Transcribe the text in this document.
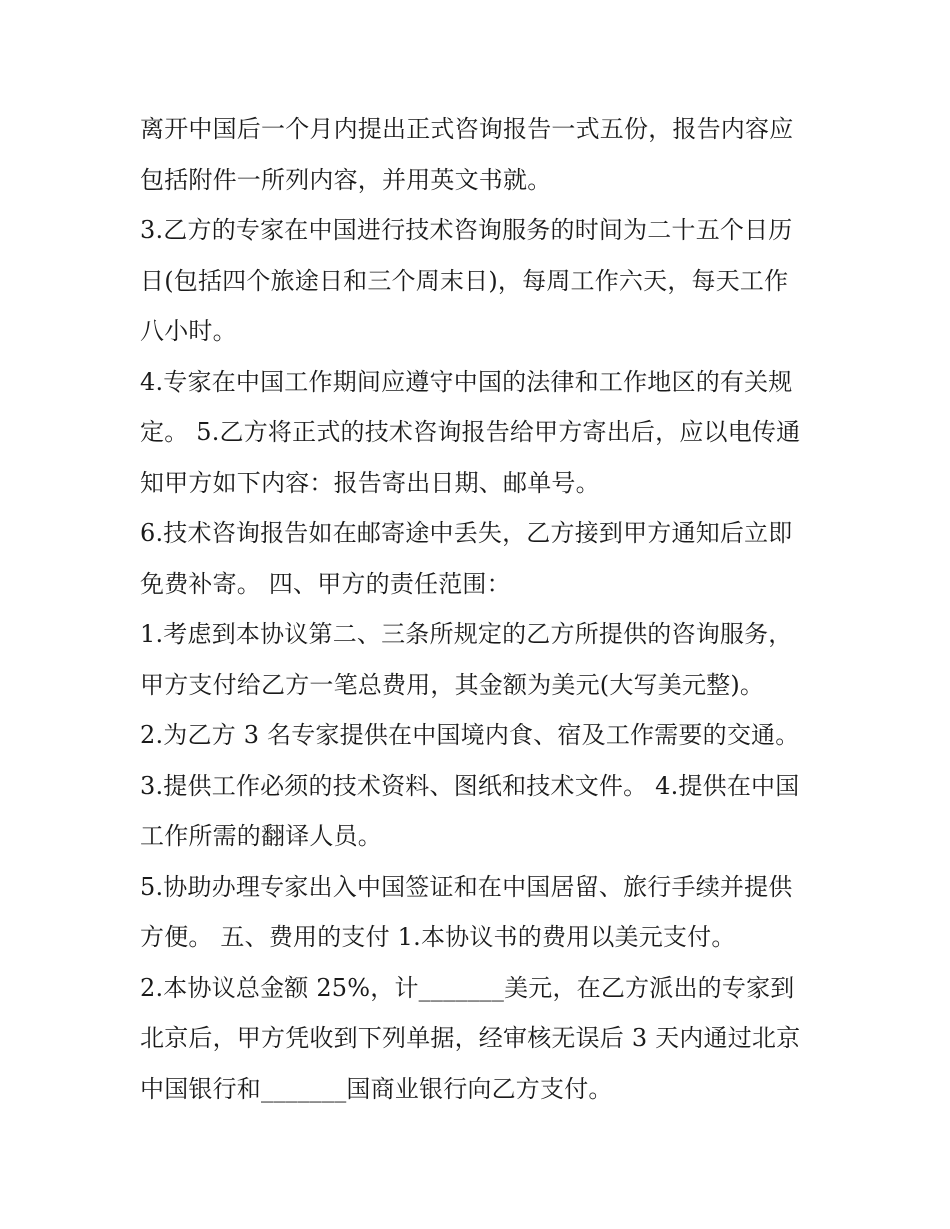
离开中国后一个月内提出正式咨询报告一式五份，报告内容应
包括附件一所列内容，并用英文书就。
3.乙方的专家在中国进行技术咨询服务的时间为二十五个日历
日(包括四个旅途日和三个周末日)，每周工作六天，每天工作
八小时。
4.专家在中国工作期间应遵守中国的法律和工作地区的有关规
定。 5.乙方将正式的技术咨询报告给甲方寄出后，应以电传通
知甲方如下内容：报告寄出日期、邮单号。
6.技术咨询报告如在邮寄途中丢失，乙方接到甲方通知后立即
免费补寄。 四、甲方的责任范围：
1.考虑到本协议第二、三条所规定的乙方所提供的咨询服务，
甲方支付给乙方一笔总费用，其金额为美元(大写美元整)。
2.为乙方 3 名专家提供在中国境内食、宿及工作需要的交通。
3.提供工作必须的技术资料、图纸和技术文件。 4.提供在中国
工作所需的翻译人员。
5.协助办理专家出入中国签证和在中国居留、旅行手续并提供
方便。 五、费用的支付 1.本协议书的费用以美元支付。
2.本协议总金额 25%，计_______美元，在乙方派出的专家到
北京后，甲方凭收到下列单据，经审核无误后 3 天内通过北京
中国银行和_______国商业银行向乙方支付。
